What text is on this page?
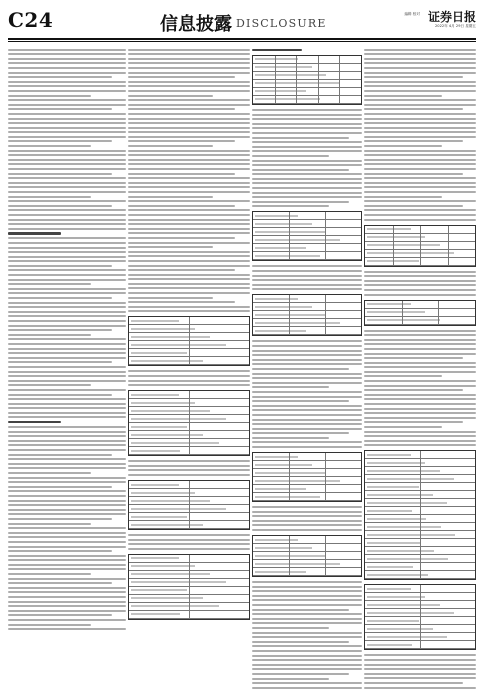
C24	信息披露 DISCLOSURE
编辑 校对 证券日报
2022年 4月 29日 星期五
